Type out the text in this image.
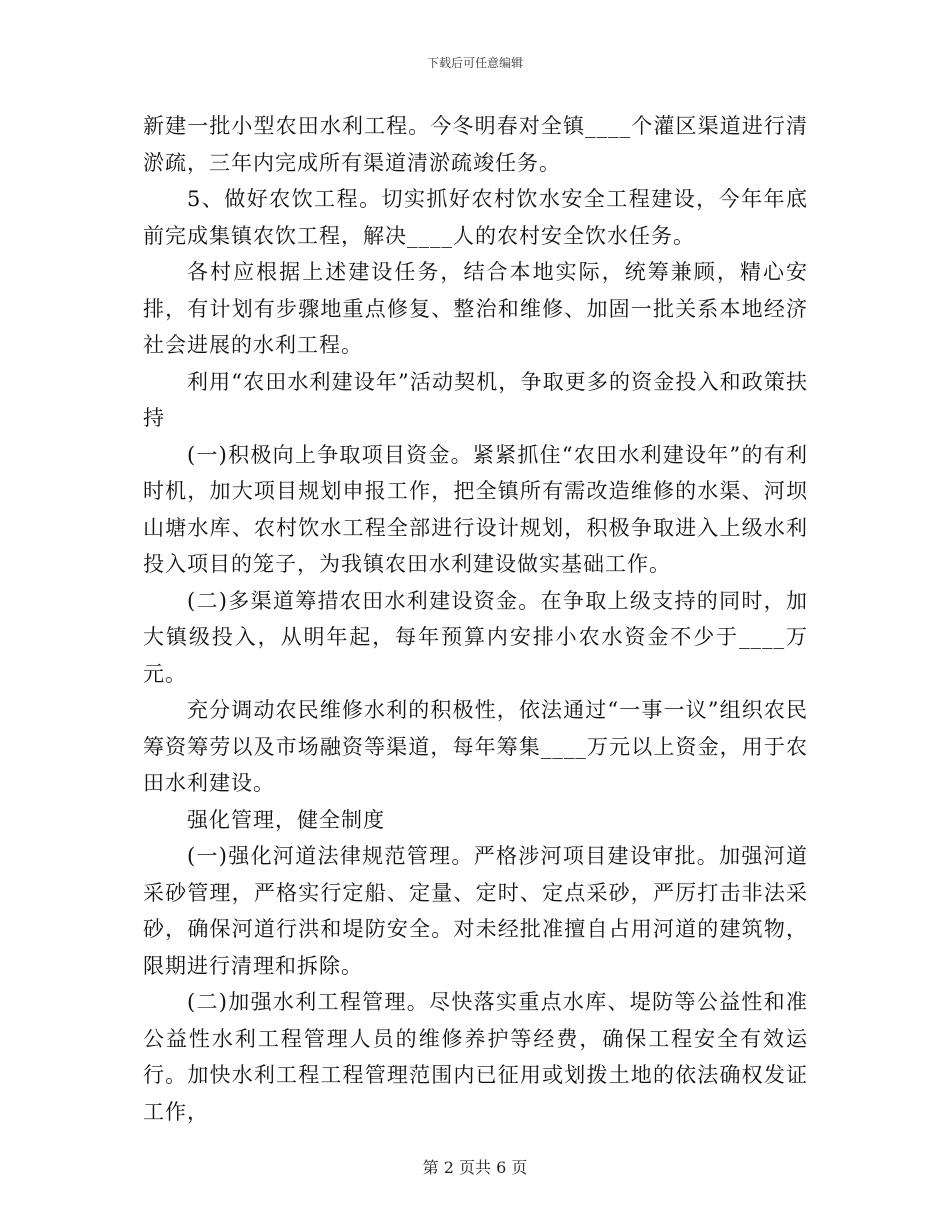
下载后可任意编辑

新建一批小型农田水利工程。今冬明春对全镇____个灌区渠道进行清淤疏，三年内完成所有渠道清淤疏竣任务。

5、做好农饮工程。切实抓好农村饮水安全工程建设，今年年底前完成集镇农饮工程，解决____人的农村安全饮水任务。

各村应根据上述建设任务，结合本地实际，统筹兼顾，精心安排，有计划有步骤地重点修复、整治和维修、加固一批关系本地经济社会进展的水利工程。

利用“农田水利建设年”活动契机，争取更多的资金投入和政策扶持

(一)积极向上争取项目资金。紧紧抓住“农田水利建设年”的有利时机，加大项目规划申报工作，把全镇所有需改造维修的水渠、河坝山塘水库、农村饮水工程全部进行设计规划，积极争取进入上级水利投入项目的笼子，为我镇农田水利建设做实基础工作。

(二)多渠道筹措农田水利建设资金。在争取上级支持的同时，加大镇级投入，从明年起，每年预算内安排小农水资金不少于____万元。

充分调动农民维修水利的积极性，依法通过“一事一议”组织农民筹资筹劳以及市场融资等渠道，每年筹集____万元以上资金，用于农田水利建设。

强化管理，健全制度

(一)强化河道法律规范管理。严格涉河项目建设审批。加强河道采砂管理，严格实行定船、定量、定时、定点采砂，严厉打击非法采砂，确保河道行洪和堤防安全。对未经批准擅自占用河道的建筑物，限期进行清理和拆除。

(二)加强水利工程管理。尽快落实重点水库、堤防等公益性和准公益性水利工程管理人员的维修养护等经费，确保工程安全有效运行。加快水利工程工程管理范围内已征用或划拨土地的依法确权发证工作，

第 2 页共 6 页
